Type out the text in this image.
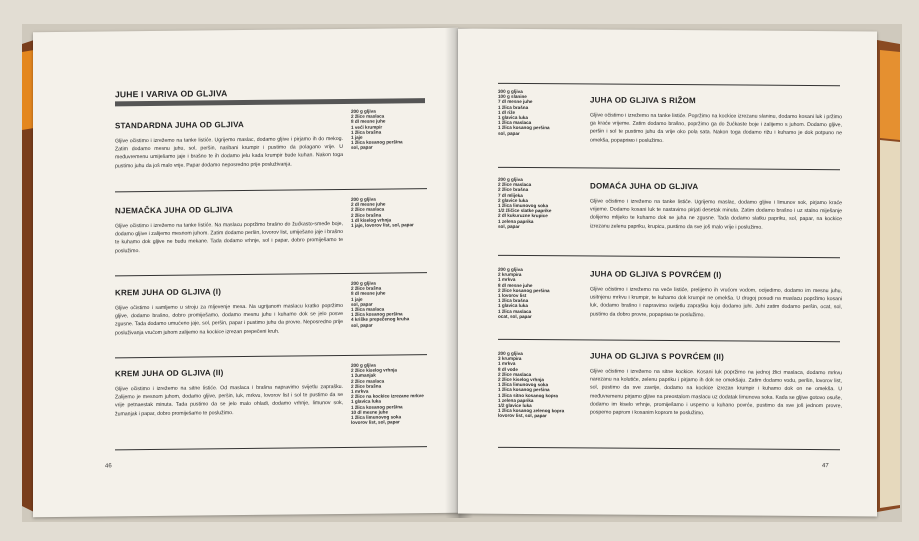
JUHE I VARIVA OD GLJIVA
STANDARDNA JUHA OD GLJIVA
Gljive očistimo i izrežemo na tanke listiće. Ugrijemo maslac, dodamo gljive i pirjamo ih do mekog. Zatim dodamo mesnu juhu, sol, peršin, naribani krumpir i pustimo da polagano vrije. U međuvremenu umiješamo jaje i brašno te ih dodamo jelu kada krumpir bude kuhan. Nakon toga pustimo juhu da još malo vrije. Papar dodamo neposredno prije posluživanja.
200 g gljiva
2 žlice maslaca
8 dl mesne juhe
1 veći krumpir
1 žlica brašna
1 jaje
1 žlica kosanog peršina
sol, papar
NJEMAČKA JUHA OD GLJIVA
Gljive očistimo i izrežemo na tanke listiće. Na maslacu popržimo brašno do žućkasto-smeđe boje, dodamo gljive i zalijemo mesnom juhom. Zatim dodamo peršin, lovorov list, umiješano jaje i brašno te kuhamo dok gljive ne budu mekane. Tada dodamo vrhnje, sol i papar, dobro promiješamo te poslužimo.
200 g gljiva
2 dl mesne juhe
2 žlice maslaca
2 žlice brašna
1 dl kiselog vrhnja
1 jaje, lovorov list, sol, papar
KREM JUHA OD GLJIVA (I)
Gljive očistimo i samljemo u stroju za mljevenje mesa. Na ugrijanom maslacu kratko popržimo gljive, dodamo brašno, dobro promiješamo, dodamo mesnu juhu i kuhamo dok se jelo posve zgusne. Tada dodamo umućeno jaje, sol, peršin, papar i pustimo juhu da provre. Neposredno prije posluživanja vrućom juhom zalijemo na kockice izrezan prepečeni kruh.
200 g gljiva
2 žlice brašna
8 dl mesne juhe
1 jaje
sol, papar
1 žlica maslaca
1 žlica kosanog peršina
4 kriške prepečenog kruha
sol, papar
KREM JUHA OD GLJIVA (II)
Gljive očistimo i izrežemo na sitne listiće. Od maslaca i brašna napravimo svijetlu zaprašku. Zalijemo je mesnom juhom, dodamo gljive, peršin, luk, mrkvu, lovorov list i sol te pustimo da se vrije petnaestak minuta. Tada pustimo da se jelo malo ohladi, dodamo vrhnje, limunov sok, žumanjak i papar, dobro promiješamo te poslužimo.
200 g gljiva
2 žlice kiselog vrhnja
1 žumanjak
2 žlice maslaca
2 žlice brašna
1 mrkva
2 žlice na kockice izrezane mrkve
1 glavica luka
1 žlica kosanog peršina
10 dl mesne juhe
1 žlica limunovog soka
lovorov list, sol, papar
46
300 g gljiva
100 g slanine
7 dl mesne juhe
1 žlica brašna
1 dl riže
1 glavica luka
1 žlica maslaca
1 žlica kosanog peršina
sol, papar
JUHA OD GLJIVA S RIŽOM
Gljive očistimo i izrežemo na tanke listiće. Popržimo na kockice izrezanu slaninu, dodamo kosani luk i pržimo ga kraće vrijeme. Zatim dodamo brašno, popržimo ga do žućkaste boje i zalijemo s juhom. Dodamo gljive, peršin i sol te pustimo juhu da vrije oko pola sata. Nakon toga dodamo rižu i kuhamo je dok potpuno ne omekša, popapriмо i poslužimo.
200 g gljiva
2 žlice maslaca
2 žlice brašna
7 dl mlijeka
2 glavice luka
1 žlica limunovog soka
1/2 žličice slatke paprike
2 dl kukuruzne krupice
1 zelena paprika
sol, papar
DOMAĆA JUHA OD GLJIVA
Gljive očistimo i izrežemo na tanke listiće. Ugrijemo maslac, dodamo gljive i limunov sok, pirjamo kraće vrijeme. Dodamo kosani luk te nastavimo pirjati desetak minuta. Zatim dodamo brašno i uz stalno miješanje dolijemo mlijeko te kuhamo dok se juha ne zgusne. Tada dodamo slatku papriku, sol, papar, na kockice izrezanu zelenu papriku, krupicu, pustimo da sve još malo vrije i poslužimo.
200 g gljiva
2 krumpira
1 mrkva
8 dl mesne juhe
2 žlice kosanog peršina
1 lovorov list
1 žlica brašna
1 glavica luka
1 žlica maslaca
ocat, sol, papar
JUHA OD GLJIVA S POVRĆEM (I)
Gljive očistimo i izrežemo na veće listiće, prelijemo ih vrućom vodom, ocijedimo, dodamo im mesnu juhu, usitnjenu mrkvu i krumpir, te kuhamo dok krumpir ne omekša. U drugoj posudi na maslacu popržimo kosani luk, dodamo brašno i napravimo svijetlu zaprašku koju dodamo juhi. Juhi zatim dodamo peršin, ocat, sol, pustimo da dobro provre, popapriмо te poslužimo.
200 g gljiva
3 krumpira
1 mrkva
8 dl vode
2 žlice maslaca
2 žlice kiselog vrhnja
1 žlica limunovog soka
1 žlica kosanog peršina
1 žlica sitno kosanog kopra
1 zelena paprika
1/2 glavice luka
1 žlica kosanog zelenog kopra
lovorov list, sol, papar
JUHA OD GLJIVA S POVRĆEM (II)
Gljive očistimo i izrežemo na sitne kockice. Kosani luk popržimo na jednoj žlici maslaca, dodamo mrkvu narezanu na kolutiće, zelenu papriku i pirjamo ih dok ne omekšaju. Zatim dodamo vodu, peršin, lovorov list, sol, pustimo da sve zavrije, dodamo na kockice izrezan krumpir i kuhamo dok on ne omekša. U međuvremenu pirjamo gljive na preostalom maslacu uz dodatak limunova soka. Kada se gljive gotovo osuše, dodamo im kiselo vrhnje, promiješamo i uspemo u kuhano povrće, pustimo da sve još jednom provre, pospemo paprom i kosanim koprom te poslužimo.
47
